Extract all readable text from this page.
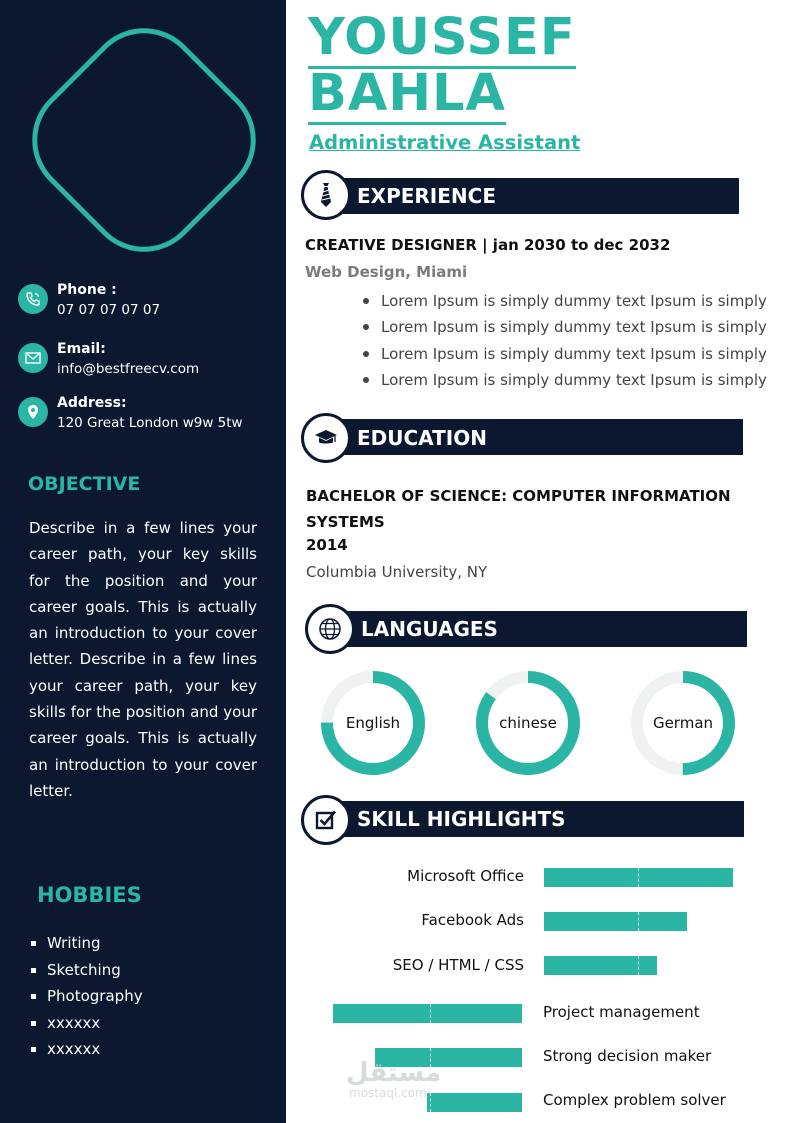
Phone :
07 07 07 07 07
Email:
info@bestfreecv.com
Address:
120 Great London w9w 5tw
OBJECTIVE
Describe in a few lines your career path, your key skills for the position and your career goals. This is actually an introduction to your cover letter. Describe in a few lines your career path, your key skills for the position and your career goals. This is actually an introduction to your cover letter.
HOBBIES
Writing
Sketching
Photography
xxxxxx
xxxxxx
YOUSSEF
BAHLA
Administrative Assistant
EXPERIENCE
CREATIVE DESIGNER | jan 2030 to dec 2032
Web Design, Miami
Lorem Ipsum is simply dummy text Ipsum is simply
Lorem Ipsum is simply dummy text Ipsum is simply
Lorem Ipsum is simply dummy text Ipsum is simply
Lorem Ipsum is simply dummy text Ipsum is simply
EDUCATION
BACHELOR OF SCIENCE: COMPUTER INFORMATION SYSTEMS
2014
Columbia University, NY
LANGUAGES
English	chinese	German
SKILL HIGHLIGHTS
Microsoft Office
Facebook Ads
SEO / HTML / CSS
Project management
Strong decision maker
Complex problem solver
مستقل
mostaql.com
